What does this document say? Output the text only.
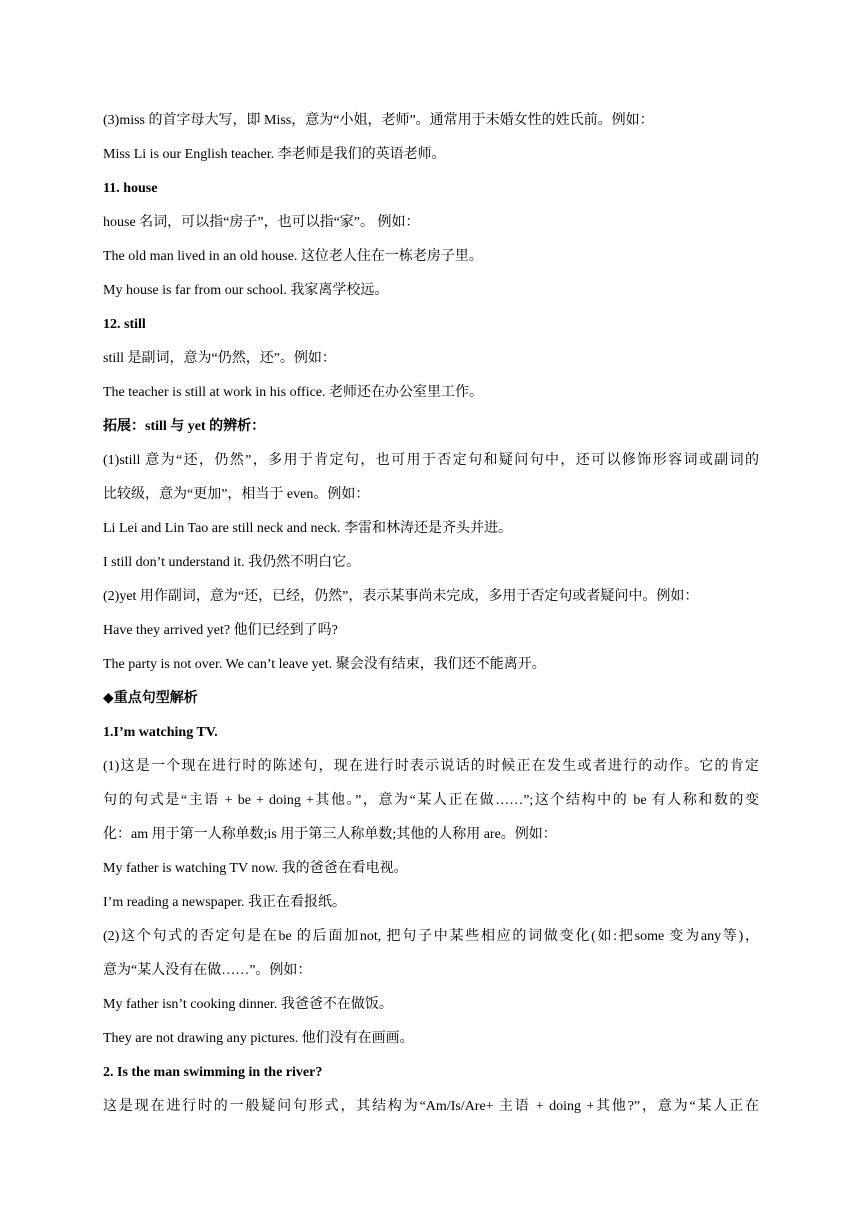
(3)miss 的首字母大写，即 Miss，意为“小姐，老师”。通常用于未婚女性的姓氏前。例如：
Miss Li is our English teacher. 李老师是我们的英语老师。
11. house
house 名词，可以指“房子”，也可以指“家”。 例如：
The old man lived in an old house. 这位老人住在一栋老房子里。
My house is far from our school. 我家离学校远。
12. still
still 是副词，意为“仍然，还”。例如：
The teacher is still at work in his office. 老师还在办公室里工作。
拓展：still 与 yet 的辨析：
(1)still 意为“还，仍然”，多用于肯定句，也可用于否定句和疑问句中，还可以修饰形容词或副词的
比较级，意为“更加”，相当于 even。例如：
Li Lei and Lin Tao are still neck and neck. 李雷和林涛还是齐头并进。
I still don’t understand it. 我仍然不明白它。
(2)yet 用作副词，意为“还，已经，仍然”，表示某事尚未完成，多用于否定句或者疑问中。例如：
Have they arrived yet? 他们已经到了吗?
The party is not over. We can’t leave yet. 聚会没有结束，我们还不能离开。
◆重点句型解析
1.I’m watching TV.
(1)这是一个现在进行时的陈述句，现在进行时表示说话的时候正在发生或者进行的动作。它的肯定
句的句式是“主语 + be + doing +其他。”，意为“某人正在做……”;这个结构中的 be 有人称和数的变
化：am 用于第一人称单数;is 用于第三人称单数;其他的人称用 are。例如：
My father is watching TV now. 我的爸爸在看电视。
I’m reading a newspaper. 我正在看报纸。
(2)这个句式的否定句是在be 的后面加not, 把句子中某些相应的词做变化(如:把some 变为any等)，
意为“某人没有在做……”。例如：
My father isn’t cooking dinner. 我爸爸不在做饭。
They are not drawing any pictures. 他们没有在画画。
2. Is the man swimming in the river?
这是现在进行时的一般疑问句形式，其结构为“Am/Is/Are+ 主语 + doing +其他?”，意为“某人正在
